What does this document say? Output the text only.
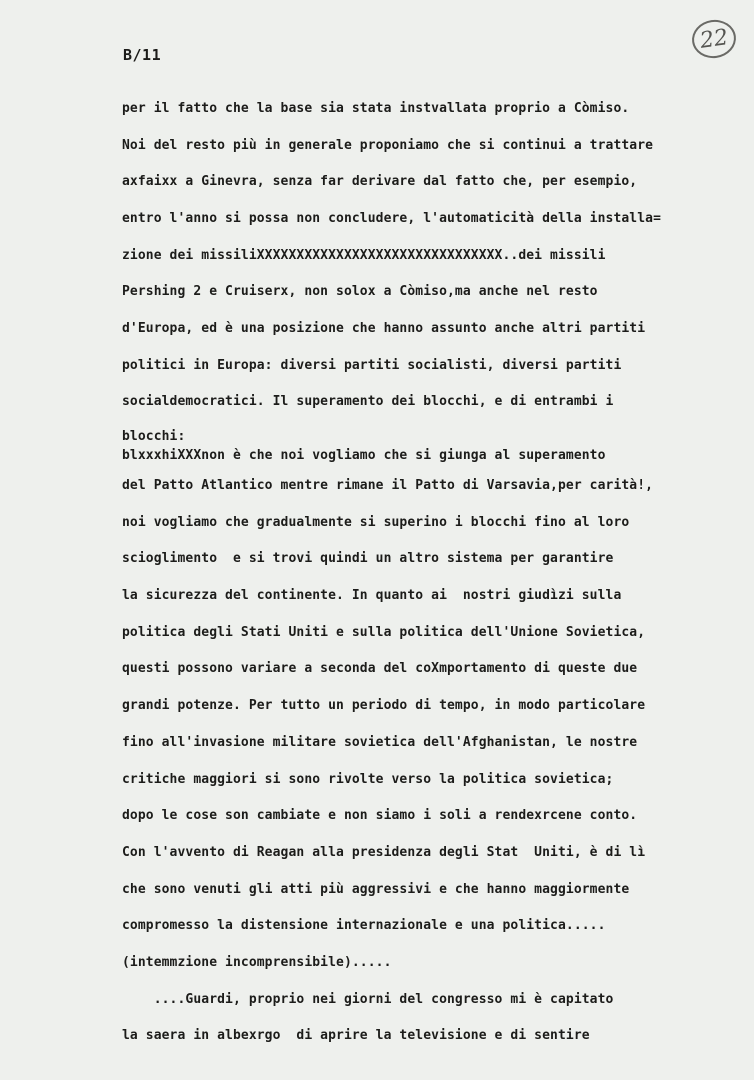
B/11
22
per il fatto che la base sia stata instvallata proprio a Còmiso.
Noi del resto più in generale proponiamo che si continui a trattare
axfaixx a Ginevra, senza far derivare dal fatto che, per esempio,
entro l'anno si possa non concludere, l'automaticità della installa=
zione dei missiliXXXXXXXXXXXXXXXXXXXXXXXXXXXXXXX..dei missili
Pershing 2 e Cruiserx, non solox a Còmiso,ma anche nel resto
d'Europa, ed è una posizione che hanno assunto anche altri partiti
politici in Europa: diversi partiti socialisti, diversi partiti
socialdemocratici. Il superamento dei blocchi, e di entrambi i
blocchi:
blxxxhiXXXnon è che noi vogliamo che si giunga al superamento
del Patto Atlantico mentre rimane il Patto di Varsavia,per carità!,
noi vogliamo che gradualmente si superino i blocchi fino al loro
scioglimento  e si trovi quindi un altro sistema per garantire
la sicurezza del continente. In quanto ai  nostri giudìzi sulla
politica degli Stati Uniti e sulla politica dell'Unione Sovietica,
questi possono variare a seconda del coXmportamento di queste due
grandi potenze. Per tutto un periodo di tempo, in modo particolare
fino all'invasione militare sovietica dell'Afghanistan, le nostre
critiche maggiori si sono rivolte verso la politica sovietica;
dopo le cose son cambiate e non siamo i soli a rendexrcene conto.
Con l'avvento di Reagan alla presidenza degli Stat  Uniti, è di lì
che sono venuti gli atti più aggressivi e che hanno maggiormente
compromesso la distensione internazionale e una politica.....
(intemmzione incomprensibile).....
....Guardi, proprio nei giorni del congresso mi è capitato
la saera in albexrgo  di aprire la televisione e di sentire
